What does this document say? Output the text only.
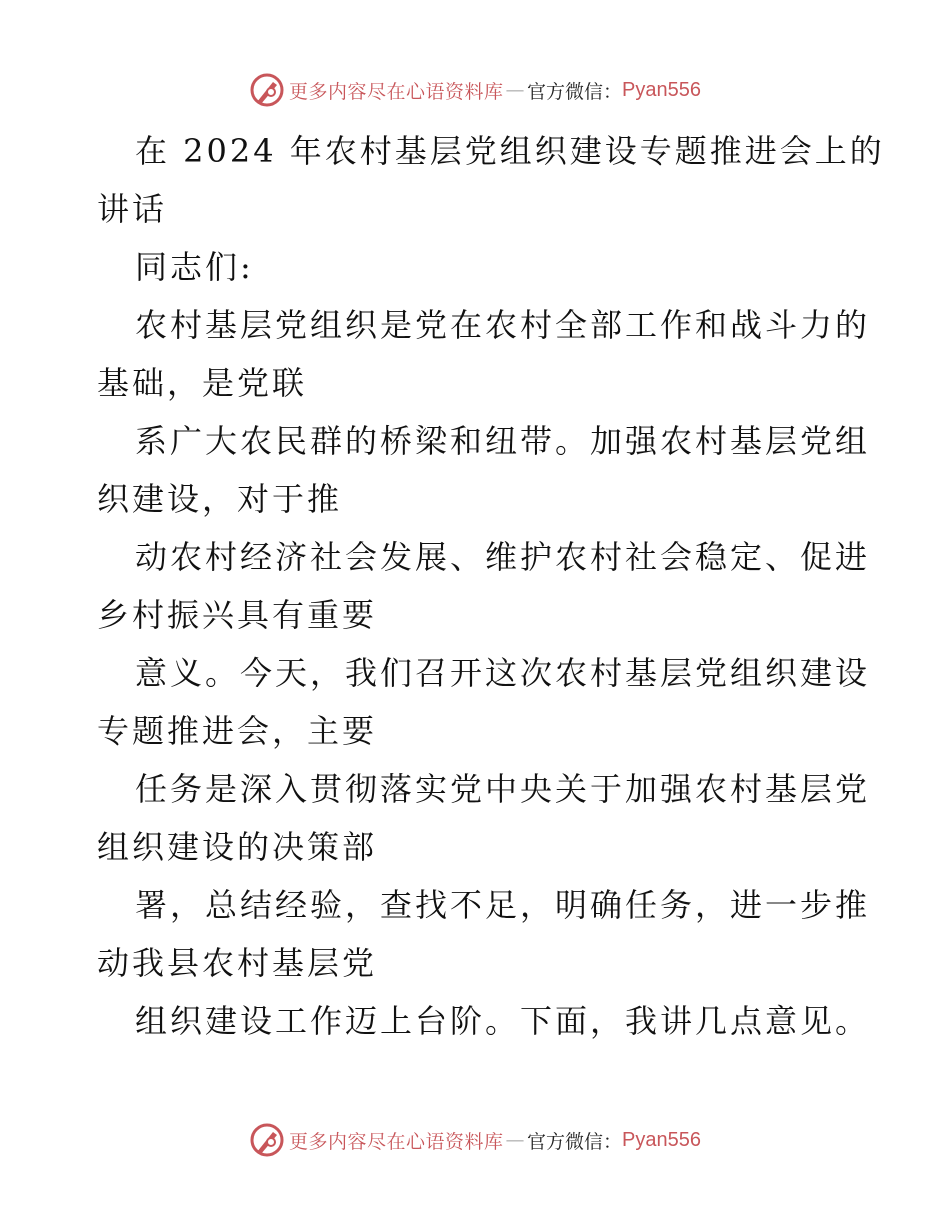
更多内容尽在心语资料库 — 官方微信： Pyan556
在 2024 年农村基层党组织建设专题推进会上的
讲话
同志们:
农村基层党组织是党在农村全部工作和战斗力的
基础，是党联
系广大农民群的桥梁和纽带。加强农村基层党组
织建设，对于推
动农村经济社会发展、维护农村社会稳定、促进
乡村振兴具有重要
意义。今天，我们召开这次农村基层党组织建设
专题推进会，主要
任务是深入贯彻落实党中央关于加强农村基层党
组织建设的决策部
署，总结经验，查找不足，明确任务，进一步推
动我县农村基层党
组织建设工作迈上台阶。下面，我讲几点意见。
更多内容尽在心语资料库 — 官方微信： Pyan556
